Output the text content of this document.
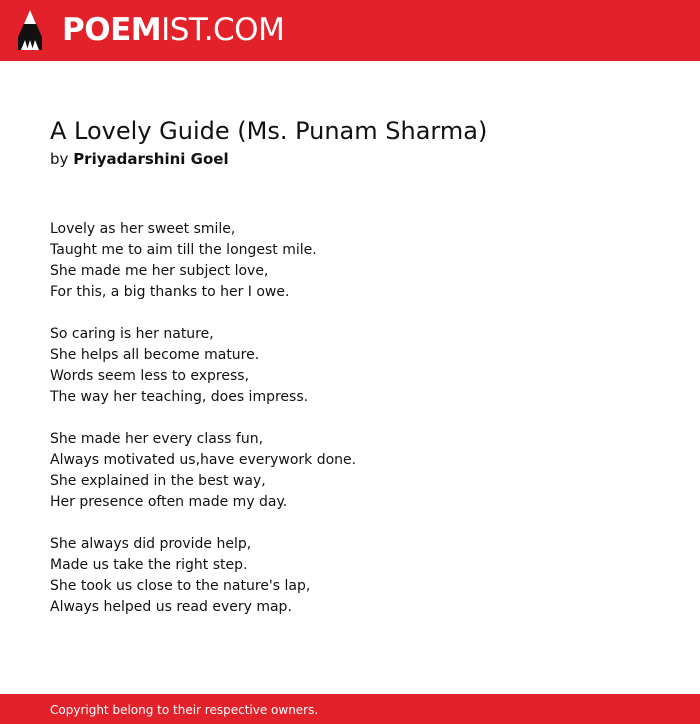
POEMIST.COM
A Lovely Guide (Ms. Punam Sharma)
by Priyadarshini Goel
Lovely as her sweet smile,
Taught me to aim till the longest mile.
She made me her subject love,
For this, a big thanks to her I owe.
So caring is her nature,
She helps all become mature.
Words seem less to express,
The way her teaching, does impress.
She made her every class fun,
Always motivated us,have everywork done.
She explained in the best way,
Her presence often made my day.
She always did provide help,
Made us take the right step.
She took us close to the nature's lap,
Always helped us read every map.
Copyright belong to their respective owners.
